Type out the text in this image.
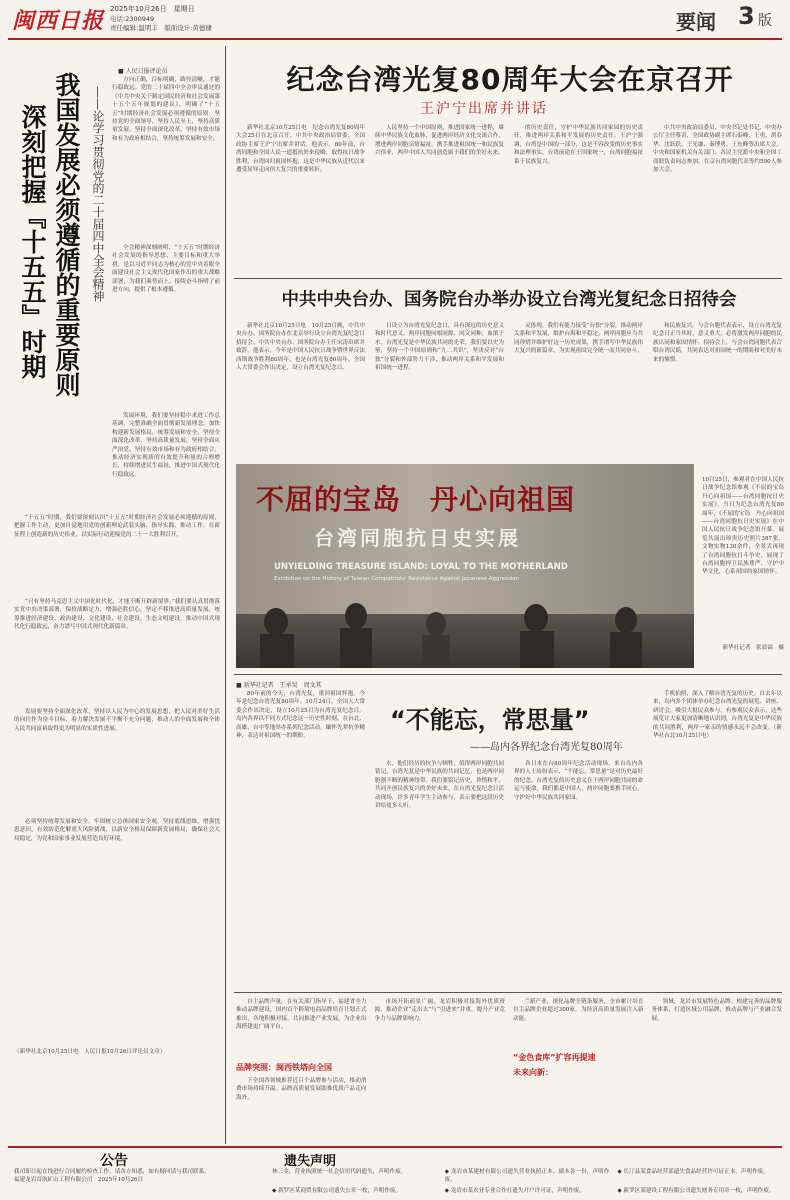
闽西日报 2025年10月26日　星期日
电话:2300949
责任编辑:温明丰　版面设计:黄德棣	要闻 3 版
■ 人民日报评论员
我国发展必须遵循的重要原则
深刻把握『十五五』时期	——论学习贯彻党的二十届四中全会精神

方向正确，目标明确，路径清晰，才能行稳致远。党的二十届四中全会审议通过的《中共中央关于制定国民经济和社会发展第十五个五年规划的建议》，明确了“十五五”时期经济社会发展必须遵循的原则：坚持党的全面领导，坚持人民至上，坚持高质量发展，坚持全面深化改革，坚持有效市场和有为政府相结合，坚持统筹发展和安全。

全会精神深刻阐明，“十五五”时期经济社会发展的指导思想、主要目标和重大举措，是以习近平同志为核心的党中央着眼全面建设社会主义现代化国家作出的重大战略部署，为我们乘势而上、接续奋斗指明了前进方向，提供了根本遵循。

发展环境，我们要坚持稳中求进工作总基调，完整准确全面贯彻新发展理念，加快构建新发展格局，统筹发展和安全，坚持全面深化改革，坚持高质量发展，坚持全面从严治党，坚持有效市场和有为政府相结合，推动经济实现质的有效提升和量的合理增长，持续增进民生福祉，推进中国式现代化行稳致远。

“十五五”时期，我们要深刻认识“十五五”时期经济社会发展必须遵循的原则，把握工作主动，更加自觉地用党的创新理论武装头脑、指导实践、推动工作，在新征程上创造新的历史伟业，以实际行动迎接党的二十一大胜利召开。

“只有坚持马克思主义中国化时代化，才能不断开辟新境界。”我们要认真贯彻落实党中央决策部署，保持战略定力，增强必胜信心，坚定不移推进高质量发展，统筹推进经济建设、政治建设、文化建设、社会建设、生态文明建设，推动中国式现代化行稳致远，奋力谱写中国式现代化新篇章。

发展要坚持全面深化改革，坚持以人民为中心的发展思想，把人民对美好生活的向往作为奋斗目标，着力解决发展不平衡不充分问题，推动人的全面发展和全体人民共同富裕取得更为明显的实质性进展。

必须坚持统筹发展和安全，牢固树立总体国家安全观，坚持底线思维，增强忧患意识，有效防范化解重大风险挑战，以新安全格局保障新发展格局，确保社会大局稳定，为党和国家事业发展营造良好环境。

（新华社北京10月25日电　人民日报10月26日评论员文章）

纪念台湾光复80周年大会在京召开
王沪宁出席并讲话

新华社北京10月25日电　纪念台湾光复80周年大会25日在北京召开。中共中央政治局常委、全国政协主席王沪宁出席并讲话。他表示，80年前，台湾同胞和全国人民一道抵抗外来侵略，取得抗日战争胜利，台湾回归祖国怀抱，这是中华民族从近代以来遭受屈辱走向伟大复兴的重要转折。

人民坚持一个中国原则，推进国家统一进程，赓续中华民族文化血脉，促进两岸经济文化交流合作，增进两岸同胞亲情福祉，携手推进祖国统一和民族复兴伟业，两岸中国人共同创造属于我们的美好未来。

的历史责任，守护中华民族共同家园的历史责任，推进两岸关系和平发展的历史责任。王沪宁强调，台湾是中国的一部分，这是不容改变的历史事实和法理事实，台湾前途在于国家统一，台湾同胞福祉系于民族复兴。

中共中央政治局委员、中央书记处书记、中央办公厅主任蔡奇，全国政协副主席石泰峰、王勇、胡春华、沈跃跃、王光谦、秦博勇、王东峰等出席大会。中央和国家机关有关部门、各民主党派中央和全国工商联负责同志参加，在京台湾同胞代表等约500人参加大会。

中共中央台办、国务院台办举办设立台湾光复纪念日招待会

新华社北京10月25日电　10月25日晚，中共中央台办、国务院台办在北京举行设立台湾光复纪念日招待会。中共中央台办、国务院台办主任宋涛出席并致辞。他表示，今年是中国人民抗日战争暨世界反法西斯战争胜利80周年，也是台湾光复80周年。全国人大常委会作出决定，设立台湾光复纪念日。

日设立为台湾光复纪念日，具有深远的历史意义和时代意义。两岸同胞同根同源、同文同种，血浓于水。台湾光复是中华民族共同的光荣，我们要以史为鉴，坚持一个中国原则和“九二共识”，坚决反对“台独”分裂和外部势力干涉，推动两岸关系和平发展和祖国统一进程。

灵体现。我们有能力接受“台独”分裂，推动两岸关系和平发展，维护台海和平稳定，两岸同胞应当共同珍惜并维护好这一历史成果，携手谱写中华民族伟大复兴的新篇章，为实现祖国完全统一而共同奋斗。

和民族复兴。与会台胞代表表示，设立台湾光复纪念日正当其时，意义重大，必将激发两岸同胞的民族认同和家国情怀。招待会上，与会台湾同胞代表合唱台湾民谣，共同表达对祖国统一的期盼和对美好未来的憧憬。

不屈的宝岛　丹心向祖国
台湾同胞抗日史实展
UNYIELDING TREASURE ISLAND: LOYAL TO THE MOTHERLAND
Exhibition on the History of Taiwan Compatriots' Resistance Against Japanese Aggression

10月25日，参观者在中国人民抗日战争纪念馆参观《不屈的宝岛　丹心向祖国——台湾同胞抗日史实展》。当日为纪念台湾光复80周年，《不屈的宝岛　丹心向祖国——台湾同胞抗日史实展》在中国人民抗日战争纪念馆开幕。展览共展出珍贵历史照片387张、文物实物130余件，全景式再现了台湾同胞抗日斗争史，展现了台湾同胞捍卫民族尊严、守护中华文化、心系祖国的家国情怀。

新华社记者　张晨霖　摄

■ 新华社记者　王承昊　周文其
“不能忘，常思量”
——岛内各界纪念台湾光复80周年

80年前的今天，台湾光复，重回祖国怀抱。今年是纪念台湾光复80周年。10月24日，全国人大常委会作出决定，设立10月25日为台湾光复纪念日。岛内各界以不同方式纪念这一历史性时刻，在台北、高雄、台中等地举办系列纪念活动，缅怀先辈抗争精神，表达对祖国统一的期盼。

水，他们经历的抗争与牺牲，值得两岸同胞共同铭记。台湾光复是中华民族的共同记忆，也是两岸同胞割不断的精神纽带。我们要铭记历史，珍惜和平，共同开创民族复兴的美好未来。在台湾光复纪念日活动现场，许多青年学生主动参与，表示要把这段历史讲给更多人听。

各日本在台80周年纪念活动现场，来自岛内各界的人士纷纷表示，“不能忘，常思量”是对历史最好的纪念。台湾光复的历史意义在于两岸同胞共同的命运与使命，我们都是中国人，两岸同胞要携手同心，守护好中华民族共同家园。

手机拍照，深入了解台湾光复的历史。自去年以来，岛内多个团体举办纪念台湾光复的展览、讲座、研讨会，吸引大批民众参与。有参观民众表示，这些展览让大家更加清晰地认识到，台湾光复是中华民族的共同胜利，两岸一家亲的情感永远不会改变。（新华社台北10月25日电）

自主品牌声量。在有关部门指导下，福建省全力推动品牌建设，国内首个跨境电商品牌培育计划正式推出，各地积极对接，共同推进产业发展，为企业出海搭建更广阔平台。

品牌突围：闽西铁塔向全国

下全国各领域推荐近百个品牌参与活动，推动消费市场持续升温。品牌高质量发展助推优质产品走向海外。

市场开拓前景广阔，龙岩积极对接海外优质资源，推动企业“走出去”与“引进来”并重，提升产业竞争力与品牌影响力。

兰新产业，深化品牌全链条服务，全市累计培育自主品牌企业超过300家，为经济高质量发展注入新动能。

“金色食库”扩容再提速
未来向新：

领域，龙岩市发展特色品牌。构建完善的品牌服务体系，打造区域公用品牌，推动品牌与产业融合发展。

公告

我司即日起在线进行合同履约检查工作，请各方知悉，如有疑问请与我司联系。

福建龙岩首航矿山工程有限公司　2025年10月26日

遗失声明

林三金，营业执照统一社会信用代码遗失，声明作废。	◆ 龙岩市某建材有限公司遗失营业执照正本、副本各一份，声明作废。

◆ 长汀县某食品经营部遗失食品经营许可证正本，声明作废。

◆ 新罗区某商贸有限公司遗失公章一枚，声明作废。	◆ 龙岩市某农业专业合作社遗失开户许可证，声明作废。	◆ 新罗区某建设工程有限公司遗失财务专用章一枚，声明作废。
